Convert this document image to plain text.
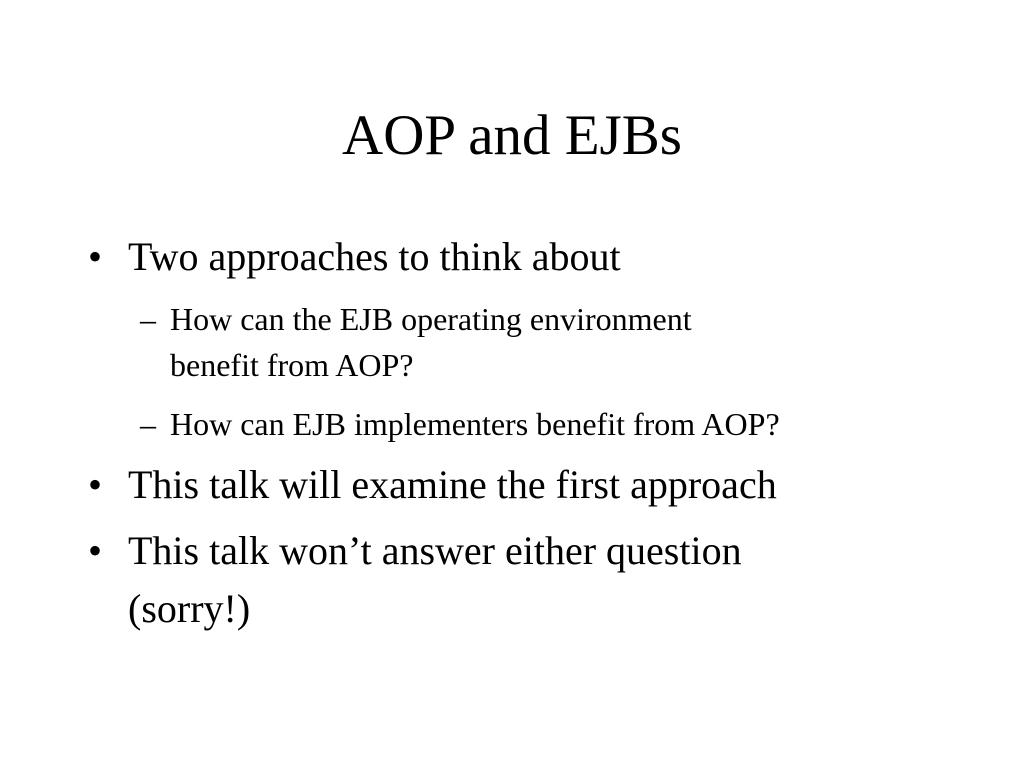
AOP and EJBs
• Two approaches to think about
– How can the EJB operating environment
benefit from AOP?
– How can EJB implementers benefit from AOP?
• This talk will examine the first approach
• This talk won’t answer either question
(sorry!)
